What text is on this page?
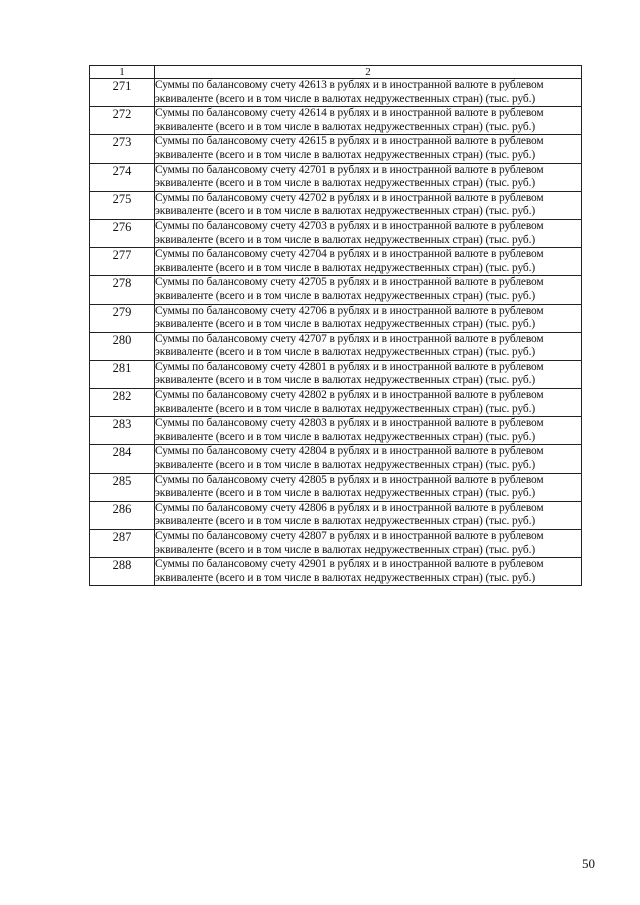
1	2
271	Суммы по балансовому счету 42613 в рублях и в иностранной валюте в рублевом эквиваленте (всего и в том числе в валютах недружественных стран) (тыс. руб.)
272	Суммы по балансовому счету 42614 в рублях и в иностранной валюте в рублевом эквиваленте (всего и в том числе в валютах недружественных стран) (тыс. руб.)
273	Суммы по балансовому счету 42615 в рублях и в иностранной валюте в рублевом эквиваленте (всего и в том числе в валютах недружественных стран) (тыс. руб.)
274	Суммы по балансовому счету 42701 в рублях и в иностранной валюте в рублевом эквиваленте (всего и в том числе в валютах недружественных стран) (тыс. руб.)
275	Суммы по балансовому счету 42702 в рублях и в иностранной валюте в рублевом эквиваленте (всего и в том числе в валютах недружественных стран) (тыс. руб.)
276	Суммы по балансовому счету 42703 в рублях и в иностранной валюте в рублевом эквиваленте (всего и в том числе в валютах недружественных стран) (тыс. руб.)
277	Суммы по балансовому счету 42704 в рублях и в иностранной валюте в рублевом эквиваленте (всего и в том числе в валютах недружественных стран) (тыс. руб.)
278	Суммы по балансовому счету 42705 в рублях и в иностранной валюте в рублевом эквиваленте (всего и в том числе в валютах недружественных стран) (тыс. руб.)
279	Суммы по балансовому счету 42706 в рублях и в иностранной валюте в рублевом эквиваленте (всего и в том числе в валютах недружественных стран) (тыс. руб.)
280	Суммы по балансовому счету 42707 в рублях и в иностранной валюте в рублевом эквиваленте (всего и в том числе в валютах недружественных стран) (тыс. руб.)
281	Суммы по балансовому счету 42801 в рублях и в иностранной валюте в рублевом эквиваленте (всего и в том числе в валютах недружественных стран) (тыс. руб.)
282	Суммы по балансовому счету 42802 в рублях и в иностранной валюте в рублевом эквиваленте (всего и в том числе в валютах недружественных стран) (тыс. руб.)
283	Суммы по балансовому счету 42803 в рублях и в иностранной валюте в рублевом эквиваленте (всего и в том числе в валютах недружественных стран) (тыс. руб.)
284	Суммы по балансовому счету 42804 в рублях и в иностранной валюте в рублевом эквиваленте (всего и в том числе в валютах недружественных стран) (тыс. руб.)
285	Суммы по балансовому счету 42805 в рублях и в иностранной валюте в рублевом эквиваленте (всего и в том числе в валютах недружественных стран) (тыс. руб.)
286	Суммы по балансовому счету 42806 в рублях и в иностранной валюте в рублевом эквиваленте (всего и в том числе в валютах недружественных стран) (тыс. руб.)
287	Суммы по балансовому счету 42807 в рублях и в иностранной валюте в рублевом эквиваленте (всего и в том числе в валютах недружественных стран) (тыс. руб.)
288	Суммы по балансовому счету 42901 в рублях и в иностранной валюте в рублевом эквиваленте (всего и в том числе в валютах недружественных стран) (тыс. руб.)
50
